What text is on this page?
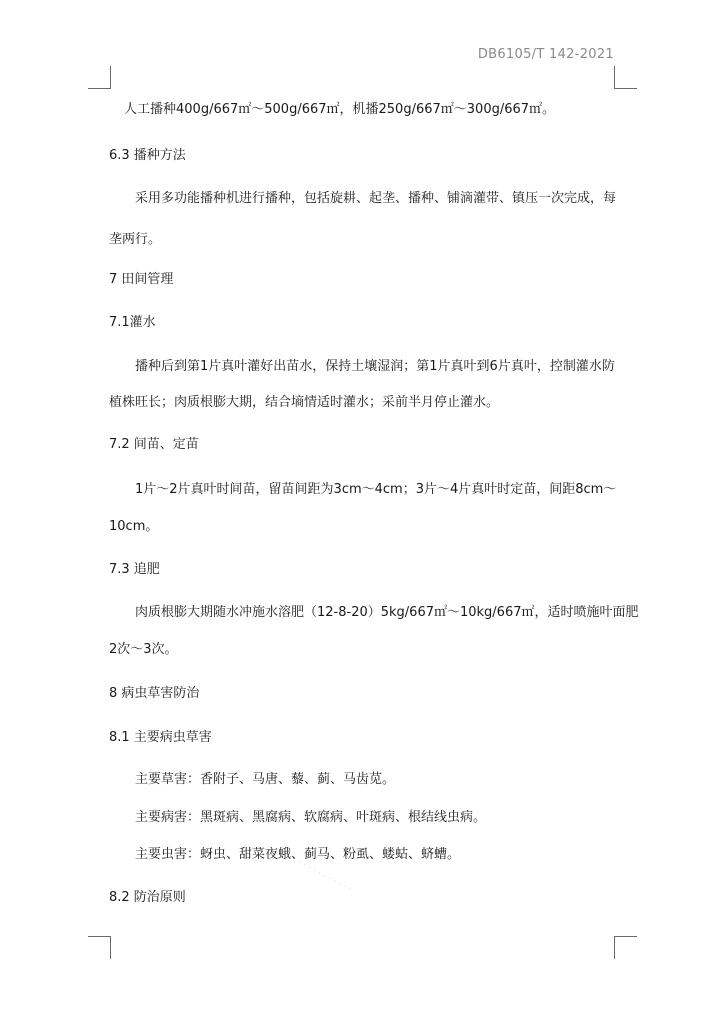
DB6105/T 142-2021
人工播种400g/667㎡～500g/667㎡，机播250g/667㎡～300g/667㎡。
6.3 播种方法
采用多功能播种机进行播种，包括旋耕、起垄、播种、铺滴灌带、镇压一次完成，每
垄两行。
7 田间管理
7.1灌水
播种后到第1片真叶灌好出苗水，保持土壤湿润；第1片真叶到6片真叶，控制灌水防
植株旺长；肉质根膨大期，结合墒情适时灌水；采前半月停止灌水。
7.2 间苗、定苗
1片～2片真叶时间苗，留苗间距为3cm～4cm；3片～4片真叶时定苗，间距8cm～
10cm。
7.3 追肥
肉质根膨大期随水冲施水溶肥（12-8-20）5kg/667㎡～10kg/667㎡，适时喷施叶面肥
2次～3次。
8 病虫草害防治
8.1 主要病虫草害
主要草害：香附子、马唐、藜、蓟、马齿苋。
主要病害：黑斑病、黑腐病、软腐病、叶斑病、根结线虫病。
主要虫害：蚜虫、甜菜夜蛾、蓟马、粉虱、蝼蛄、蛴螬。
8.2 防治原则
· · · · · · · · · · ·
